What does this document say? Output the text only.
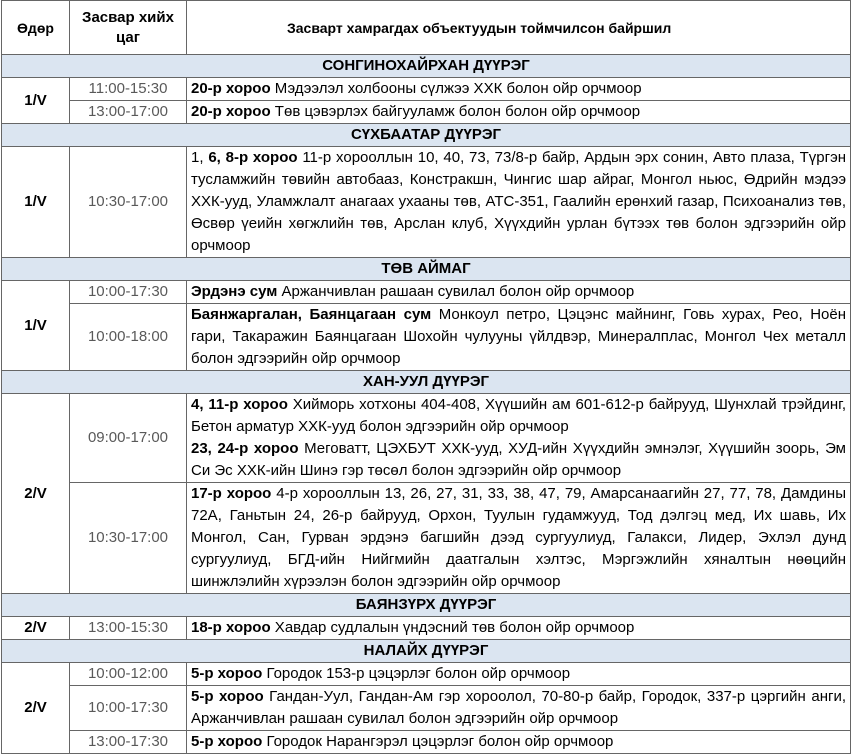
Өдөр	Засвар хийх цаг	Засварт хамрагдах объектуудын тоймчилсон байршил
СОНГИНОХАЙРХАН ДҮҮРЭГ		
1/V	11:00-15:30	20-р хороо Мэдээлэл холбооны сүлжээ ХХК болон ойр орчмоор

	13:00-17:00	20-р хороо Төв цэвэрлэх байгууламж болон болон ойр орчмоор

СҮХБААТАР ДҮҮРЭГ		
1/V	10:30-17:00	1, 6, 8-р хороо 11-р хорооллын 10, 40, 73, 73/8-р байр, Ардын эрх сонин, Авто плаза, Түргэн тусламжийн төвийн автобааз, Констракшн, Чингис шар айраг, Монгол ньюс, Өдрийн мэдээ ХХК-ууд, Уламжлалт анагаах ухааны төв, АТС-351, Гаалийн ерөнхий газар, Психоанализ төв, Өсвөр үеийн хөгжлийн төв, Арслан клуб, Хүүхдийн урлан бүтээх төв болон эдгээрийн ойр орчмоор

ТӨВ АЙМАГ		
1/V	10:00-17:30	Эрдэнэ сум Аржанчивлан рашаан сувилал болон ойр орчмоор

	10:00-18:00	Баянжаргалан, Баянцагаан сум Монкоул петро, Цэцэнс майнинг, Говь хурах, Рео, Ноён гари, Такаражин Баянцагаан Шохойн чулууны үйлдвэр, Минералплас, Монгол Чех металл болон эдгээрийн ойр орчмоор

ХАН-УУЛ ДҮҮРЭГ		
2/V	09:00-17:00	4, 11-р хороо Хийморь хотхоны 404-408, Хүүшийн ам 601-612-р байрууд, Шунхлай трэйдинг, Бетон арматур ХХК-ууд болон эдгээрийн ойр орчмоор
23, 24-р хороо Меговатт, ЦЭХБУТ ХХК-ууд, ХУД-ийн Хүүхдийн эмнэлэг, Хүүшийн зоорь, Эм Си Эс ХХК-ийн Шинэ гэр төсөл болон эдгээрийн ойр орчмоор

	10:30-17:00	17-р хороо 4-р хорооллын 13, 26, 27, 31, 33, 38, 47, 79, Амарсанаагийн 27, 77, 78, Дамдины 72А, Ганьтын 24, 26-р байрууд, Орхон, Туулын гудамжууд, Тод дэлгэц мед, Их шавь, Их Монгол, Сан, Гурван эрдэнэ багшийн дээд сургуулиуд, Галакси, Лидер, Эхлэл дунд сургуулиуд, БГД-ийн Нийгмийн даатгалын хэлтэс, Мэргэжлийн хяналтын нөөцийн шинжлэлийн хүрээлэн болон эдгээрийн ойр орчмоор

БАЯНЗҮРХ ДҮҮРЭГ		
2/V	13:00-15:30	18-р хороо Хавдар судлалын үндэсний төв болон ойр орчмоор

НАЛАЙХ ДҮҮРЭГ		
2/V	10:00-12:00	5-р хороо Городок 153-р цэцэрлэг болон ойр орчмоор

	10:00-17:30	5-р хороо Гандан-Уул, Гандан-Ам гэр хороолол, 70-80-р байр, Городок, 337-р цэргийн анги, Аржанчивлан рашаан сувилал болон эдгээрийн ойр орчмоор

	13:00-17:30	5-р хороо Городок Нарангэрэл цэцэрлэг болон ойр орчмоор
